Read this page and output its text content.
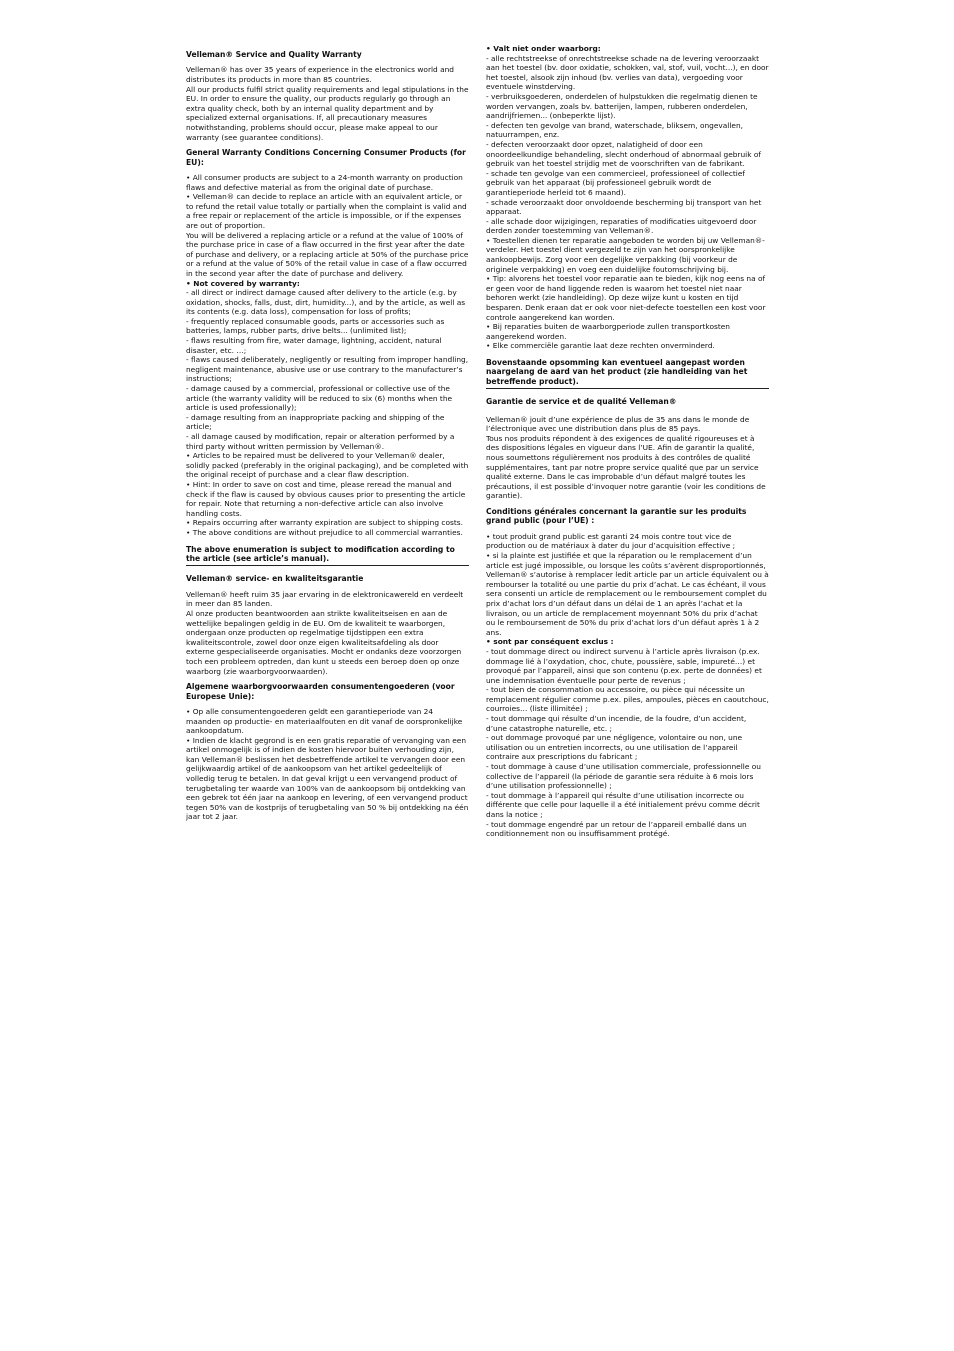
Velleman® Service and Quality Warranty

Velleman® has over 35 years of experience in the electronics world and distributes its products in more than 85 countries.
All our products fulfil strict quality requirements and legal stipulations in the EU. In order to ensure the quality, our products regularly go through an extra quality check, both by an internal quality department and by specialized external organisations. If, all precautionary measures notwithstanding, problems should occur, please make appeal to our warranty (see guarantee conditions).

General Warranty Conditions Concerning Consumer Products (for EU):

• All consumer products are subject to a 24-month warranty on production flaws and defective material as from the original date of purchase.
• Velleman® can decide to replace an article with an equivalent article, or to refund the retail value totally or partially when the complaint is valid and a free repair or replacement of the article is impossible, or if the expenses are out of proportion.
You will be delivered a replacing article or a refund at the value of 100% of the purchase price in case of a flaw occurred in the first year after the date of purchase and delivery, or a replacing article at 50% of the purchase price or a refund at the value of 50% of the retail value in case of a flaw occurred in the second year after the date of purchase and delivery.

• Not covered by warranty:

- all direct or indirect damage caused after delivery to the article (e.g. by oxidation, shocks, falls, dust, dirt, humidity...), and by the article, as well as its contents (e.g. data loss), compensation for loss of profits;
- frequently replaced consumable goods, parts or accessories such as batteries, lamps, rubber parts, drive belts... (unlimited list);
- flaws resulting from fire, water damage, lightning, accident, natural disaster, etc. …;
- flaws caused deliberately, negligently or resulting from improper handling, negligent maintenance, abusive use or use contrary to the manufacturer’s instructions;
- damage caused by a commercial, professional or collective use of the article (the warranty validity will be reduced to six (6) months when the article is used professionally);
- damage resulting from an inappropriate packing and shipping of the article;
- all damage caused by modification, repair or alteration performed by a third party without written permission by Velleman®.
• Articles to be repaired must be delivered to your Velleman® dealer, solidly packed (preferably in the original packaging), and be completed with the original receipt of purchase and a clear flaw description.
• Hint: In order to save on cost and time, please reread the manual and check if the flaw is caused by obvious causes prior to presenting the article for repair. Note that returning a non-defective article can also involve handling costs.
• Repairs occurring after warranty expiration are subject to shipping costs.
• The above conditions are without prejudice to all commercial warranties.

The above enumeration is subject to modification according to the article (see article’s manual).
Velleman® service- en kwaliteitsgarantie

Velleman® heeft ruim 35 jaar ervaring in de elektronicawereld en verdeelt in meer dan 85 landen.
Al onze producten beantwoorden aan strikte kwaliteitseisen en aan de wettelijke bepalingen geldig in de EU. Om de kwaliteit te waarborgen,
ondergaan onze producten op regelmatige tijdstippen een extra kwaliteitscontrole, zowel door onze eigen kwaliteitsafdeling als door externe gespecialiseerde organisaties. Mocht er ondanks deze voorzorgen toch een probleem optreden, dan kunt u steeds een beroep doen op onze waarborg (zie waarborgvoorwaarden).

Algemene waarborgvoorwaarden consumentengoederen (voor Europese Unie):

• Op alle consumentengoederen geldt een garantieperiode van 24 maanden op productie- en materiaalfouten en dit vanaf de oorspronkelijke aankoopdatum.
• Indien de klacht gegrond is en een gratis reparatie of vervanging van een artikel onmogelijk is of indien de kosten hiervoor buiten verhouding zijn, kan Velleman® beslissen het desbetreffende artikel te vervangen door een gelijkwaardig artikel of de aankoopsom van het artikel gedeeltelijk of volledig terug te betalen. In dat geval krijgt u een vervangend product of terugbetaling ter waarde van 100% van de aankoopsom bij ontdekking van een gebrek tot één jaar na aankoop en levering, of een vervangend product tegen 50% van de kostprijs of terugbetaling van 50 % bij ontdekking na één jaar tot 2 jaar.

• Valt niet onder waarborg:

- alle rechtstreekse of onrechtstreekse schade na de levering veroorzaakt aan het toestel (bv. door oxidatie, schokken, val, stof, vuil, vocht...), en door het toestel, alsook zijn inhoud (bv. verlies van data), vergoeding voor eventuele winstderving.
- verbruiksgoederen, onderdelen of hulpstukken die regelmatig dienen te worden vervangen, zoals bv. batterijen, lampen, rubberen onderdelen, aandrijfriemen... (onbeperkte lijst).
- defecten ten gevolge van brand, waterschade, bliksem, ongevallen, natuurrampen, enz.
- defecten veroorzaakt door opzet, nalatigheid of door een onoordeelkundige behandeling, slecht onderhoud of abnormaal gebruik of gebruik van het toestel strijdig met de voorschriften van de fabrikant.
- schade ten gevolge van een commercieel, professioneel of collectief gebruik van het apparaat (bij professioneel gebruik wordt de garantieperiode herleid tot 6 maand).
- schade veroorzaakt door onvoldoende bescherming bij transport van het apparaat.
- alle schade door wijzigingen, reparaties of modificaties uitgevoerd door derden zonder toestemming van Velleman®.
• Toestellen dienen ter reparatie aangeboden te worden bij uw Velleman®-verdeler. Het toestel dient vergezeld te zijn van het oorspronkelijke aankoopbewijs. Zorg voor een degelijke verpakking (bij voorkeur de originele verpakking) en voeg een duidelijke foutomschrijving bij.
• Tip: alvorens het toestel voor reparatie aan te bieden, kijk nog eens na of er geen voor de hand liggende reden is waarom het toestel niet naar behoren werkt (zie handleiding). Op deze wijze kunt u kosten en tijd besparen. Denk eraan dat er ook voor niet-defecte toestellen een kost voor controle aangerekend kan worden.
• Bij reparaties buiten de waarborgperiode zullen transportkosten aangerekend worden.
• Elke commerciële garantie laat deze rechten onverminderd.

Bovenstaande opsomming kan eventueel aangepast worden naargelang de aard van het product (zie handleiding van het betreffende product).
Garantie de service et de qualité Velleman®

Velleman® jouit d’une expérience de plus de 35 ans dans le monde de l’électronique avec une distribution dans plus de 85 pays.
Tous nos produits répondent à des exigences de qualité rigoureuses et à des dispositions légales en vigueur dans l’UE. Afin de garantir la qualité, nous soumettons régulièrement nos produits à des contrôles de qualité supplémentaires, tant par notre propre service qualité que par un service qualité externe. Dans le cas improbable d’un défaut malgré toutes les précautions, il est possible d’invoquer notre garantie (voir les conditions de garantie).

Conditions générales concernant la garantie sur les produits grand public (pour l’UE) :

• tout produit grand public est garanti 24 mois contre tout vice de production ou de matériaux à dater du jour d’acquisition effective ;
• si la plainte est justifiée et que la réparation ou le remplacement d’un article est jugé impossible, ou lorsque les coûts s’avèrent disproportionnés, Velleman® s’autorise à remplacer ledit article par un article équivalent ou à rembourser la totalité ou une partie du prix d’achat. Le cas échéant, il vous sera consenti un article de remplacement ou le remboursement complet du prix d’achat lors d’un défaut dans un délai de 1 an après l’achat et la livraison, ou un article de remplacement moyennant 50% du prix d’achat ou le remboursement de 50% du prix d’achat lors d’un défaut après 1 à 2 ans.

• sont par conséquent exclus :

- tout dommage direct ou indirect survenu à l’article après livraison (p.ex. dommage lié à l’oxydation, choc, chute, poussière, sable, impureté…) et provoqué par l’appareil, ainsi que son contenu (p.ex. perte de données) et une indemnisation éventuelle pour perte de revenus ;
- tout bien de consommation ou accessoire, ou pièce qui nécessite un remplacement régulier comme p.ex. piles, ampoules, pièces en caoutchouc, courroies… (liste illimitée) ;
- tout dommage qui résulte d’un incendie, de la foudre, d’un accident, d’une catastrophe naturelle, etc. ;
- out dommage provoqué par une négligence, volontaire ou non, une utilisation ou un entretien incorrects, ou une utilisation de l’appareil contraire aux prescriptions du fabricant ;
- tout dommage à cause d’une utilisation commerciale, professionnelle ou collective de l’appareil (la période de garantie sera réduite à 6 mois lors d’une utilisation professionnelle) ;
- tout dommage à l’appareil qui résulte d’une utilisation incorrecte ou différente que celle pour laquelle il a été initialement prévu comme décrit dans la notice ;
- tout dommage engendré par un retour de l’appareil emballé dans un conditionnement non ou insuffisamment protégé.
